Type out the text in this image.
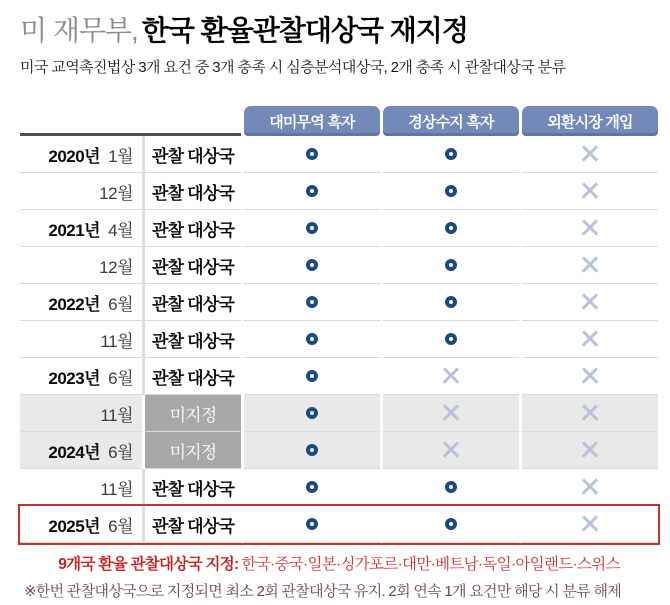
미 재무부, 한국 환율관찰대상국 재지정
미국 교역촉진법상 3개 요건 중 3개 충족 시 심층분석대상국, 2개 충족 시 관찰대상국 분류
대미무역 흑자	경상수지 흑자	외환시장 개입
2020년 1월 관찰 대상국
12월 관찰 대상국
2021년 4월 관찰 대상국
12월 관찰 대상국
2022년 6월 관찰 대상국
11월 관찰 대상국
2023년 6월 관찰 대상국
11월 미지정
2024년 6월 미지정
11월 관찰 대상국
2025년 6월 관찰 대상국
9개국 환율 관찰대상국 지정: 한국·중국·일본·싱가포르·대만·베트남·독일·아일랜드·스위스
※한번 관찰대상국으로 지정되면 최소 2회 관찰대상국 유지. 2회 연속 1개 요건만 해당 시 분류 해제
